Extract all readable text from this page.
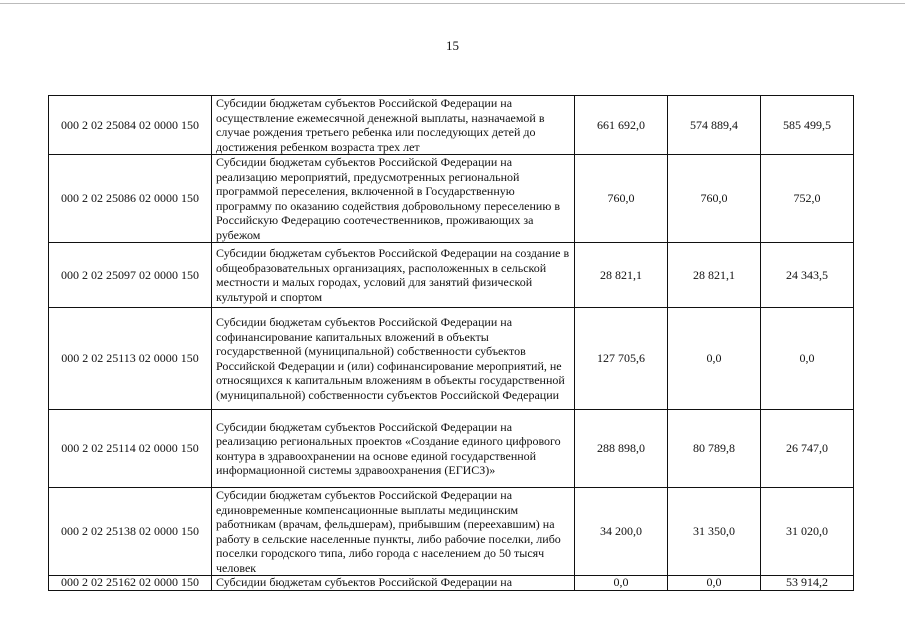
15
000 2 02 25084 02 0000 150	Субсидии бюджетам субъектов Российской Федерации на осуществление ежемесячной денежной выплаты, назначаемой в случае рождения третьего ребенка или последующих детей до достижения ребенком возраста трех лет	661 692,0	574 889,4	585 499,5
000 2 02 25086 02 0000 150	Субсидии бюджетам субъектов Российской Федерации на реализацию мероприятий, предусмотренных региональной программой переселения, включенной в Государственную программу по оказанию содействия добровольному переселению в Российскую Федерацию соотечественников, проживающих за рубежом	760,0	760,0	752,0
000 2 02 25097 02 0000 150	Субсидии бюджетам субъектов Российской Федерации на создание в общеобразовательных организациях, расположенных в сельской местности и малых городах, условий для занятий физической культурой и спортом	28 821,1	28 821,1	24 343,5
000 2 02 25113 02 0000 150	Субсидии бюджетам субъектов Российской Федерации на софинансирование капитальных вложений в объекты государственной (муниципальной) собственности субъектов Российской Федерации и (или) софинансирование мероприятий, не относящихся к капитальным вложениям в объекты государственной (муниципальной) собственности субъектов Российской Федерации	127 705,6	0,0	0,0
000 2 02 25114 02 0000 150	Субсидии бюджетам субъектов Российской Федерации на реализацию региональных проектов «Создание единого цифрового контура в здравоохранении на основе единой государственной информационной системы здравоохранения (ЕГИСЗ)»	288 898,0	80 789,8	26 747,0
000 2 02 25138 02 0000 150	Субсидии бюджетам субъектов Российской Федерации на единовременные компенсационные выплаты медицинским работникам (врачам, фельдшерам), прибывшим (переехавшим) на работу в сельские населенные пункты, либо рабочие поселки, либо поселки городского типа, либо города с населением до 50 тысяч человек	34 200,0	31 350,0	31 020,0
000 2 02 25162 02 0000 150	Субсидии бюджетам субъектов Российской Федерации на	0,0	0,0	53 914,2
